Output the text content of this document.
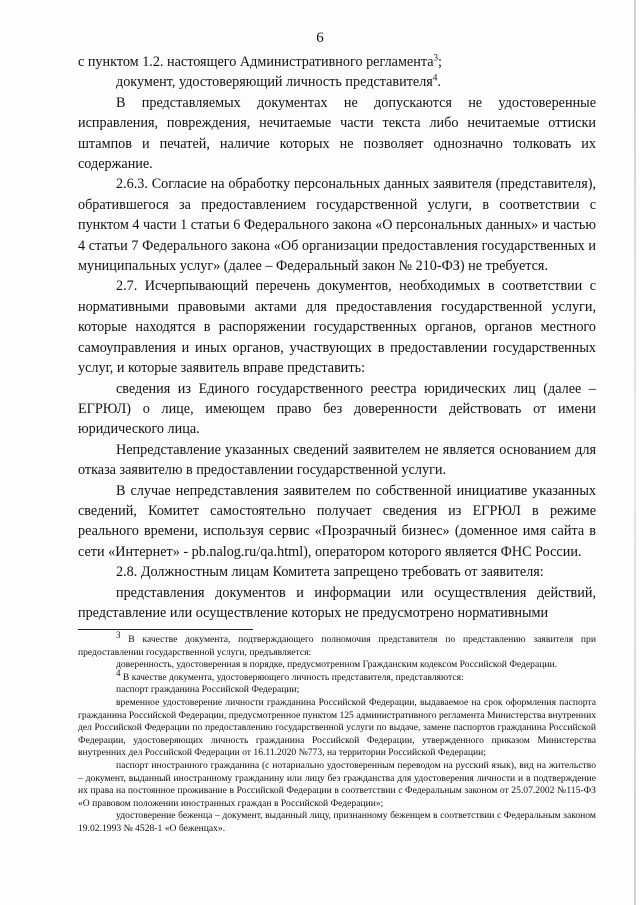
6

с пунктом 1.2. настоящего Административного регламента$^3$;

документ, удостоверяющий личность представителя$^4$.

В представляемых документах не допускаются не удостоверенные исправления, повреждения, нечитаемые части текста либо нечитаемые оттиски штампов и печатей, наличие которых не позволяет однозначно толковать их содержание.

2.6.3. Согласие на обработку персональных данных заявителя (представителя), обратившегося за предоставлением государственной услуги, в соответствии с пунктом 4 части 1 статьи 6 Федерального закона «О персональных данных» и частью 4 статьи 7 Федерального закона «Об организации предоставления государственных и муниципальных услуг» (далее – Федеральный закон № 210-ФЗ) не требуется.

2.7. Исчерпывающий перечень документов, необходимых в соответствии с нормативными правовыми актами для предоставления государственной услуги, которые находятся в распоряжении государственных органов, органов местного самоуправления и иных органов, участвующих в предоставлении государственных услуг, и которые заявитель вправе представить:

сведения из Единого государственного реестра юридических лиц (далее – ЕГРЮЛ) о лице, имеющем право без доверенности действовать от имени юридического лица.

Непредставление указанных сведений заявителем не является основанием для отказа заявителю в предоставлении государственной услуги.

В случае непредставления заявителем по собственной инициативе указанных сведений, Комитет самостоятельно получает сведения из ЕГРЮЛ в режиме реального времени, используя сервис «Прозрачный бизнес» (доменное имя сайта в сети «Интернет» - pb.nalog.ru/qa.html), оператором которого является ФНС России.

2.8. Должностным лицам Комитета запрещено требовать от заявителя:

представления документов и информации или осуществления действий, представление или осуществление которых не предусмотрено нормативными

$^3$ В качестве документа, подтверждающего полномочия представителя по представлению заявителя при предоставлении государственной услуги, предъявляется:

доверенность, удостоверенная в порядке, предусмотренном Гражданским кодексом Российской Федерации.

$^4$ В качестве документа, удостоверяющего личность представителя, представляются:

паспорт гражданина Российской Федерации;

временное удостоверение личности гражданина Российской Федерации, выдаваемое на срок оформления паспорта гражданина Российской Федерации, предусмотренное пунктом 125 административного регламента Министерства внутренних дел Российской Федерации по предоставлению государственной услуги по выдаче, замене паспортов гражданина Российской Федерации, удостоверяющих личность гражданина Российской Федерации, утвержденного приказом Министерства внутренних дел Российской Федерации от 16.11.2020 №773, на территории Российской Федерации;

паспорт иностранного гражданина (с нотариально удостоверенным переводом на русский язык), вид на жительство – документ, выданный иностранному гражданину или лицу без гражданства для удостоверения личности и в подтверждение их права на постоянное проживание в Российской Федерации в соответствии с Федеральным законом от 25.07.2002 №115-ФЗ «О правовом положении иностранных граждан в Российской Федерации»;

удостоверение беженца – документ, выданный лицу, признанному беженцем в соответствии с Федеральным законом 19.02.1993 № 4528-1 «О беженцах».
